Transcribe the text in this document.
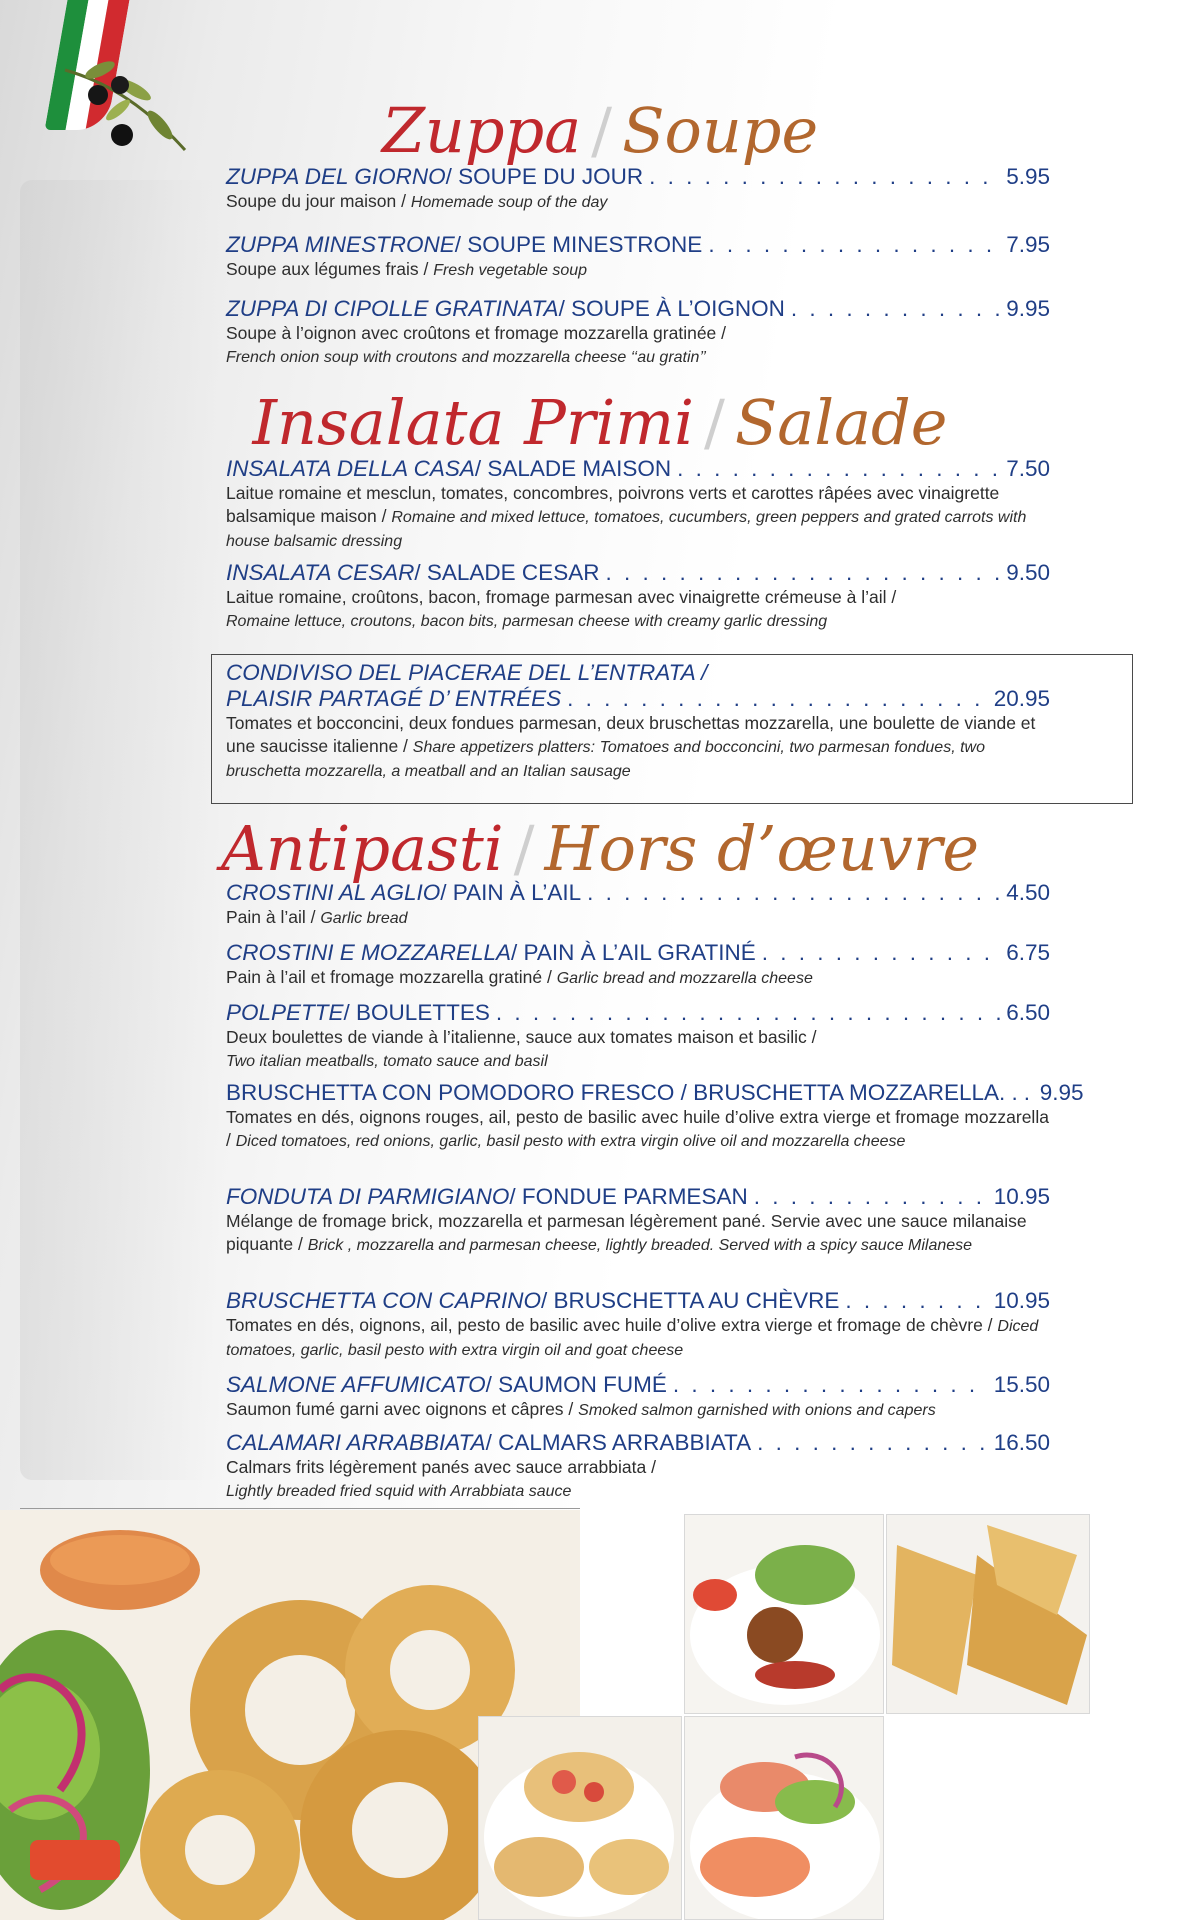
Zuppa / Soupe
ZUPPA DEL GIORNO / SOUPE DU JOUR . . .	5.95
Soupe du jour maison / Homemade soup of the day
ZUPPA MINESTRONE / SOUPE MINESTRONE . . .	7.95
Soupe aux légumes frais / Fresh vegetable soup
ZUPPA DI CIPOLLE GRATINATA / SOUPE À L’OIGNON . . .	9.95
Soupe à l’oignon avec croûtons et fromage mozzarella gratinée /
French onion soup with croutons and mozzarella cheese ‘‘au gratin’’
Insalata Primi / Salade
INSALATA DELLA CASA / SALADE MAISON . . .	7.50
Laitue romaine et mesclun, tomates, concombres, poivrons verts et carottes râpées avec vinaigrette balsamique maison / Romaine and mixed lettuce, tomatoes, cucumbers, green peppers and grated carrots with house balsamic dressing
INSALATA CESAR / SALADE CESAR . . .	9.50
Laitue romaine, croûtons, bacon, fromage parmesan avec vinaigrette crémeuse à l’ail /
Romaine lettuce, croutons, bacon bits, parmesan cheese with creamy garlic dressing
CONDIVISO DEL PIACERAE DEL L’ENTRATA /
PLAISIR PARTAGÉ D’ ENTRÉES . . .	20.95
Tomates et bocconcini, deux fondues parmesan, deux bruschettas mozzarella, une boulette de viande et une saucisse italienne / Share appetizers platters: Tomatoes and bocconcini, two parmesan fondues, two bruschetta mozzarella, a meatball and an Italian sausage
Antipasti / Hors d’œuvre
CROSTINI AL AGLIO / PAIN À L’AIL . . .	4.50
Pain à l’ail / Garlic bread
CROSTINI E MOZZARELLA / PAIN À L’AIL GRATINÉ . . .	6.75
Pain à l’ail et fromage mozzarella gratiné / Garlic bread and mozzarella cheese
POLPETTE / BOULETTES . . .	6.50
Deux boulettes de viande à l’italienne, sauce aux tomates maison et basilic /
Two italian meatballs, tomato sauce and basil
BRUSCHETTA CON POMODORO FRESCO / BRUSCHETTA MOZZARELLA. . . . . 9.95
Tomates en dés, oignons rouges, ail, pesto de basilic avec huile d’olive extra vierge et fromage mozzarella / Diced tomatoes, red onions, garlic, basil pesto with extra virgin olive oil and mozzarella cheese
FONDUTA DI PARMIGIANO / FONDUE PARMESAN . . .	10.95
Mélange de fromage brick, mozzarella et parmesan légèrement pané. Servie avec une sauce milanaise piquante / Brick , mozzarella and parmesan cheese, lightly breaded. Served with a spicy sauce Milanese
BRUSCHETTA CON CAPRINO / BRUSCHETTA AU CHÈVRE . . .	10.95
Tomates en dés, oignons, ail, pesto de basilic avec huile d’olive extra vierge et fromage de chèvre / Diced tomatoes, garlic, basil pesto with extra virgin oil and goat cheese
SALMONE AFFUMICATO / SAUMON FUMÉ . . .	15.50
Saumon fumé garni avec oignons et câpres / Smoked salmon garnished with onions and capers
CALAMARI ARRABBIATA / CALMARS ARRABBIATA . . .	16.50
Calmars frits légèrement panés avec sauce arrabbiata /
Lightly breaded fried squid with Arrabbiata sauce
